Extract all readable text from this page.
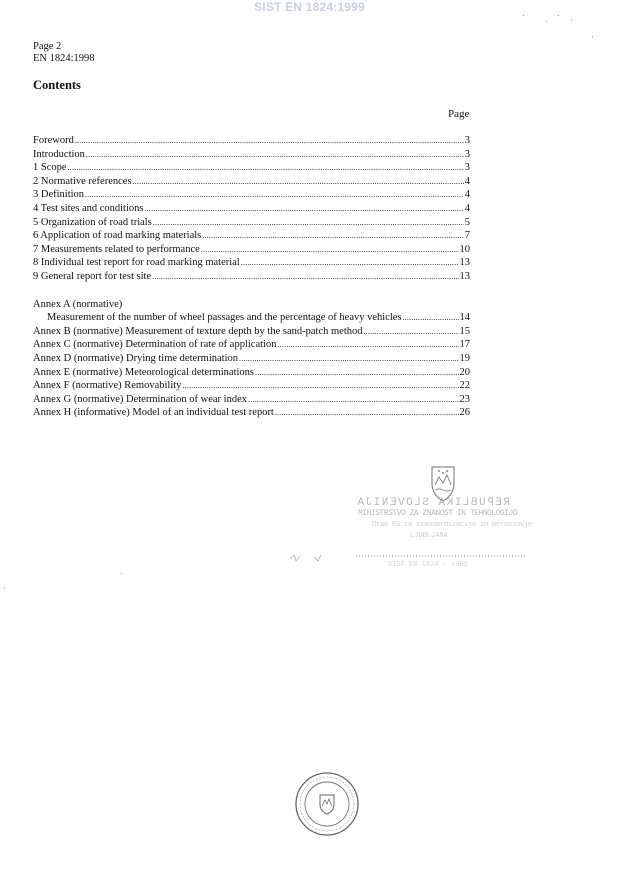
SIST EN 1824:1999
Page 2
EN 1824:1998
Contents
Page
Foreword .....	3
Introduction .....	3
1 Scope .....	3
2 Normative references .....	4
3 Definition .....	4
4 Test sites and conditions .....	4
5 Organization of road trials .....	5
6 Application of road marking materials .....	7
7 Measurements related to performance .....	10
8 Individual test report for road marking material .....	13
9 General report for test site .....	13
Annex A (normative)
Measurement of the number of wheel passages and the percentage of heavy vehicles .....	14
Annex B (normative) Measurement of texture depth by the sand-patch method .....	15
Annex C (normative) Determination of rate of application .....	17
Annex D (normative) Drying time determination .....	19
Annex E (normative) Meteorological determinations .....	20
Annex F (normative) Removability .....	22
Annex G (normative) Determination of wear index .....	23
Annex H (informative) Model of an individual test report .....	26
REPUBLIKA SLOVENIJA
MINISTRSTVO ZA ZNANOST IN TEHNOLOGIJO
Urad RS za standardizacijo in meroslovje
LJUBLJANA
SIST EN 1824 : 1999
